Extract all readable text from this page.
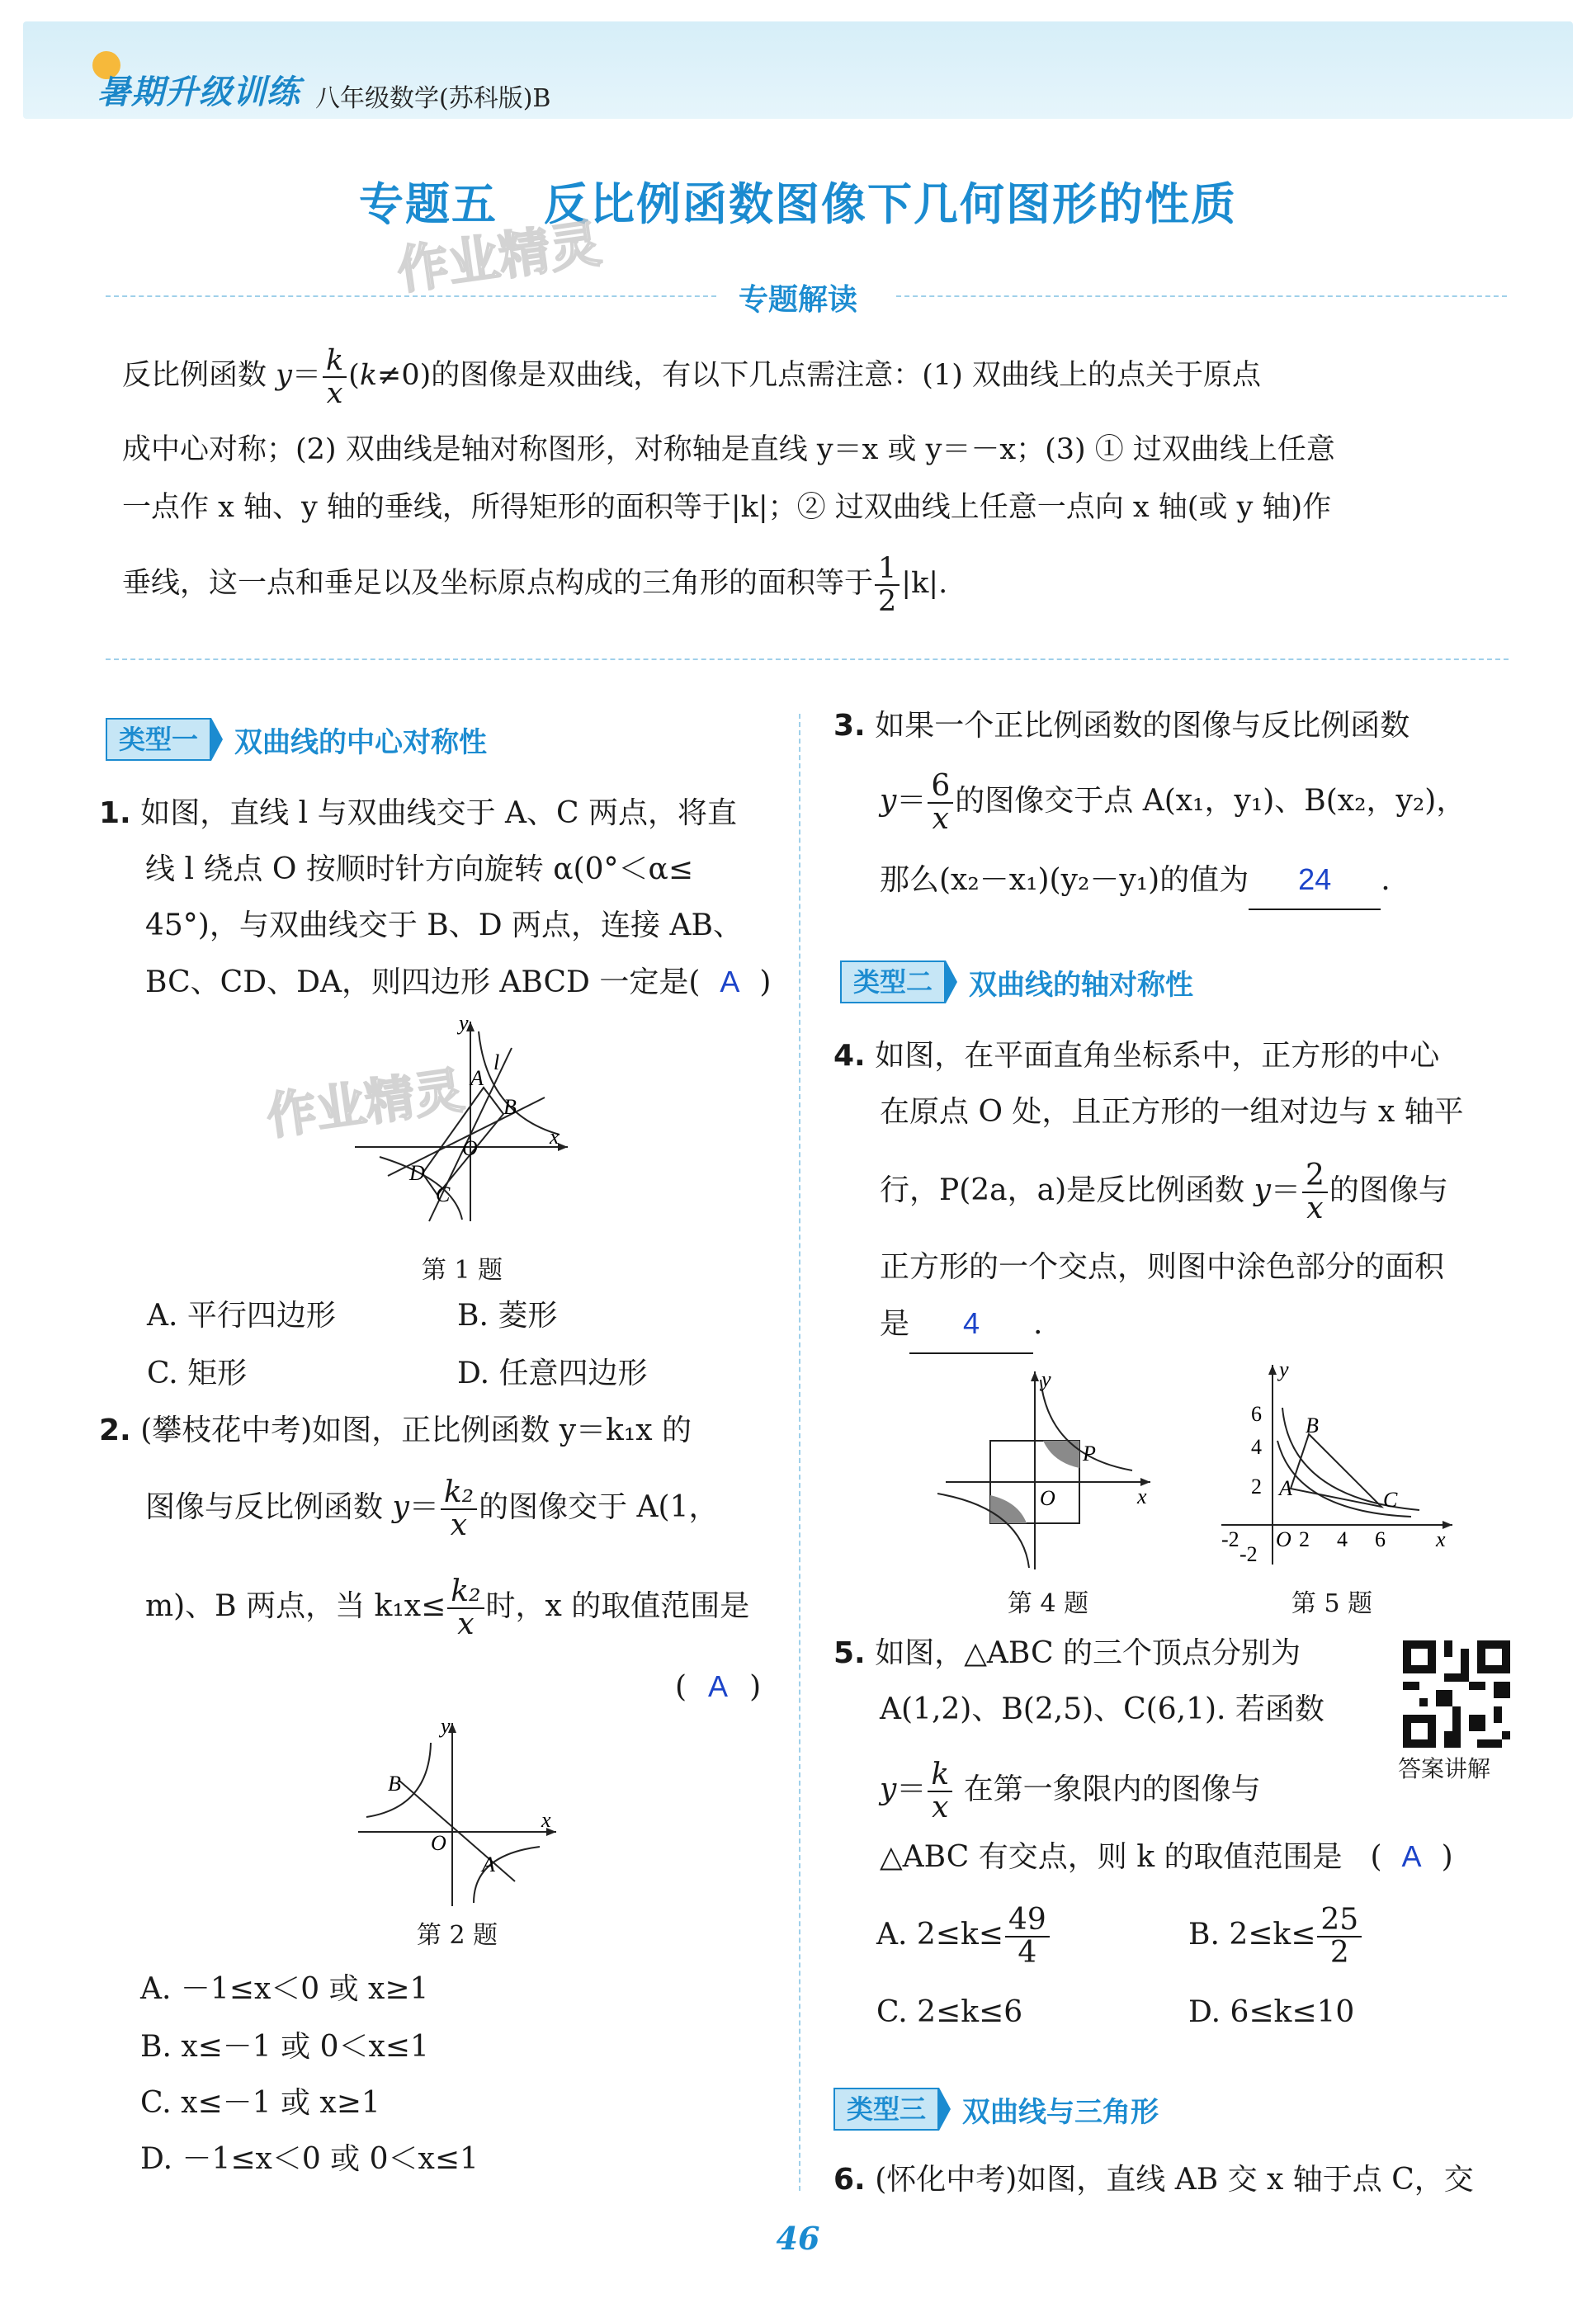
暑期升级训练 八年级数学(苏科版)B
专题五　反比例函数图像下几何图形的性质
作业精灵	专题解读

反比例函数 $y= \frac{k}{x} (k\ne 0)$的图像是双曲线，有以下几点需注意：(1) 双曲线上的点关于原点

成中心对称；(2) 双曲线是轴对称图形，对称轴是直线 y＝x 或 y＝－x；(3) ① 过双曲线上任意
一点作 x 轴、y 轴的垂线，所得矩形的面积等于|k|；② 过双曲线上任意一点向 x 轴(或 y 轴)作
垂线，这一点和垂足以及坐标原点构成的三角形的面积等于 $\frac{1}{2} |k|$.
类型一	双曲线的中心对称性
1. 如图，直线 l 与双曲线交于 A、C 两点，将直
线 l 绕点 O 按顺时针方向旋转 α(0°＜α≤
45°)，与双曲线交于 B、D 两点，连接 AB、
BC、CD、DA，则四边形 ABCD 一定是( A )
y
x
O
A
l
B
C
D
作业精灵
第 1 题
A. 平行四边形	B. 菱形
C. 矩形	D. 任意四边形
2. (攀枝花中考)如图，正比例函数 y＝k₁x 的
图像与反比例函数 $y= \frac{\text{k₂}}{x}$ 的图像交于 A(1，
m)、B 两点，当 $k_1x\le \frac{\text{k₂}}{x}$ 时，x 的取值范围是
( A )
y
x
O
B
A
第 2 题
A. －1≤x＜0 或 x≥1
B. x≤－1 或 0＜x≤1
C. x≤－1 或 x≥1
D. －1≤x＜0 或 0＜x≤1
3. 如果一个正比例函数的图像与反比例函数
$y= \frac{6}{x}$ 的图像交于点 A(x₁，y₁)、B(x₂，y₂)，
那么(x₂－x₁)(y₂－y₁)的值为 24 .
类型二	双曲线的轴对称性
4. 如图，在平面直角坐标系中，正方形的中心
在原点 O 处，且正方形的一组对边与 x 轴平
行，P(2a，a)是反比例函数 $y= \frac{2}{x}$ 的图像与
正方形的一个交点，则图中涂色部分的面积
是 4 .
y
x
O
P
第 4 题
y
x
6
4
2
-2
-2 O 2 4 6
B
A	C
第 5 题
5. 如图，△ABC 的三个顶点分别为
A(1,2)、B(2,5)、C(6,1). 若函数
$y= \frac{k}{x}$ 在第一象限内的图像与
△ABC 有交点，则 k 的取值范围是 ( A )
答案讲解
A. $2\le k\le \frac{49}{4}$	B. $2\le k\le \frac{25}{2}$
C. 2≤k≤6	D. 6≤k≤10
类型三	双曲线与三角形
6. (怀化中考)如图，直线 AB 交 x 轴于点 C，交
46
